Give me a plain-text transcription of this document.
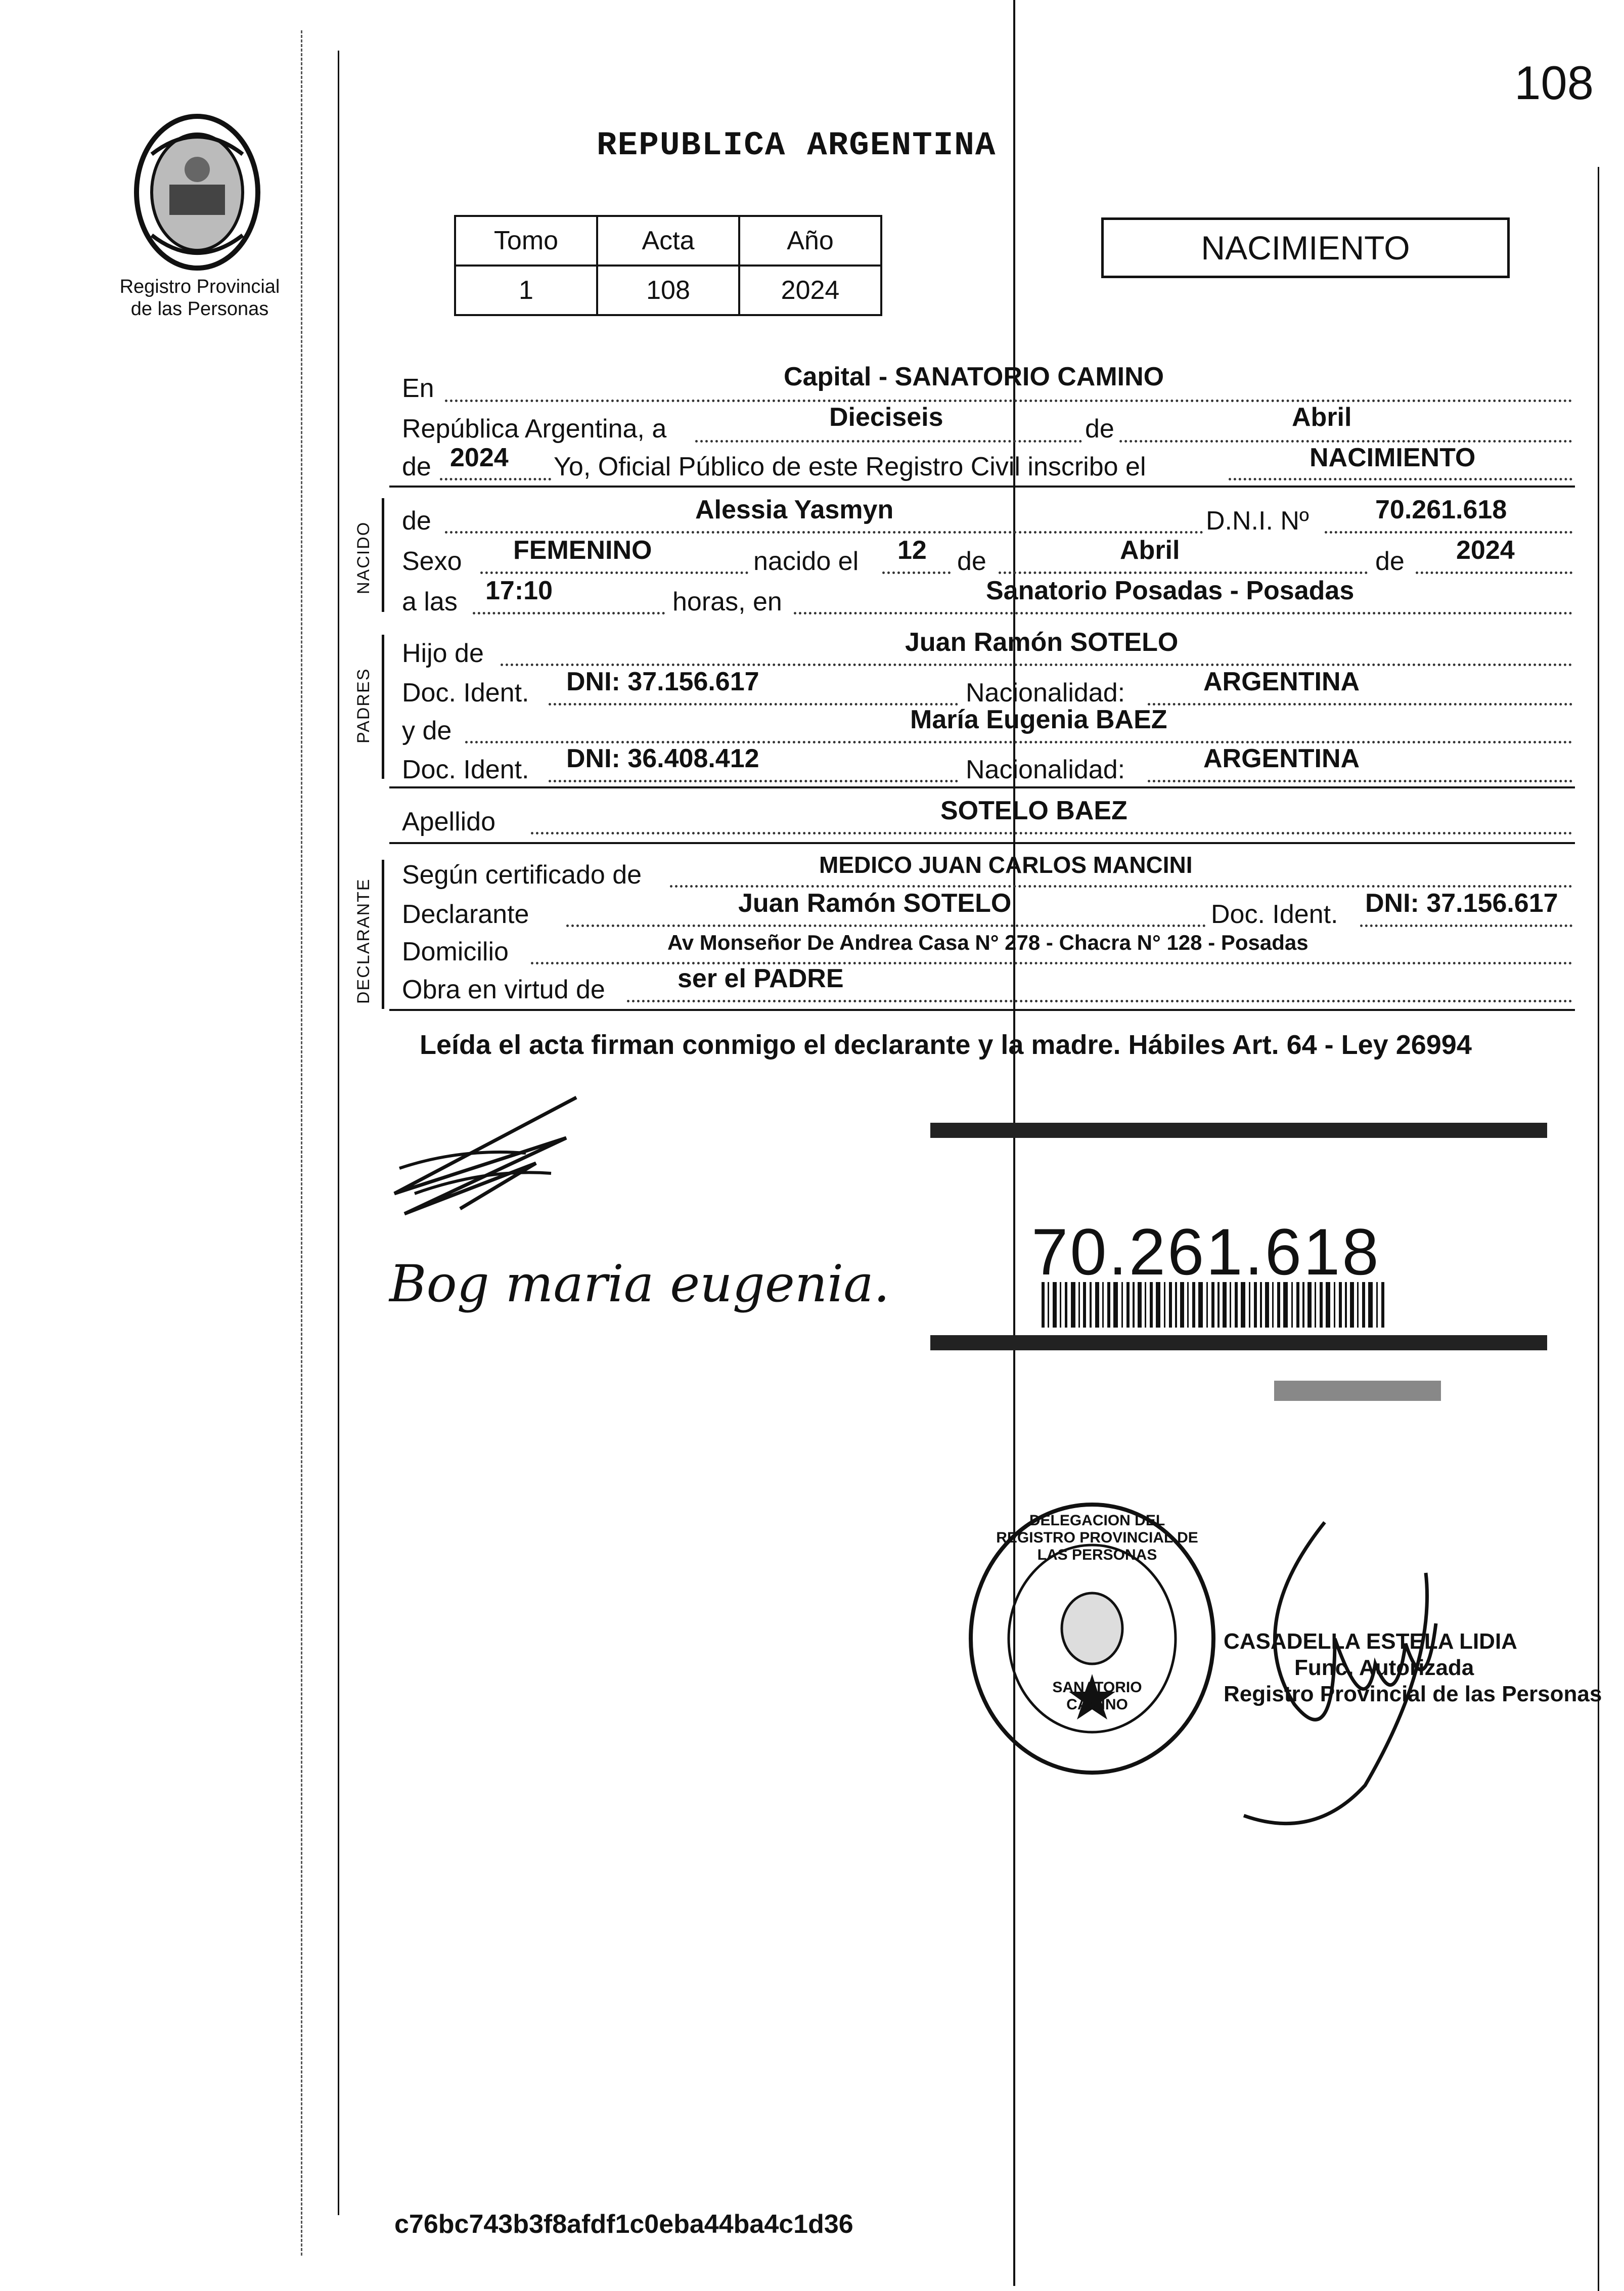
108
Registro Provincial
de las Personas
REPUBLICA ARGENTINA
Tomo	Acta	Año
1	108	2024
NACIMIENTO
En	Capital - SANATORIO CAMINO
República Argentina, a	Dieciseis	de	Abril
de 2024 Yo, Oficial Público de este Registro Civil inscribo el	NACIMIENTO
NACIDO
de	Alessia Yasmyn	D.N.I. Nº	70.261.618
Sexo FEMENINO	nacido el 12 de	Abril	de 2024
a las 17:10	horas, en	Sanatorio Posadas - Posadas
PADRES
Hijo de	Juan Ramón SOTELO
Doc. Ident. DNI: 37.156.617	Nacionalidad:	ARGENTINA
y de	María Eugenia BAEZ
Doc. Ident. DNI: 36.408.412	Nacionalidad:	ARGENTINA
Apellido	SOTELO BAEZ
DECLARANTE
Según certificado de	MEDICO JUAN CARLOS MANCINI
Declarante	Juan Ramón SOTELO	Doc. Ident. DNI: 37.156.617
Domicilio	Av Monseñor De Andrea Casa N° 278 - Chacra N° 128 - Posadas
Obra en virtud de	ser el PADRE
Leída el acta firman conmigo el declarante y la madre. Hábiles Art. 64 - Ley 26994
Bog maria eugenia. 70.261.618
DELEGACION DEL REGISTRO PROVINCIAL DE LAS PERSONAS
SANATORIO CAMINO
CASADELLA ESTELA LIDIA
Func. Autorizada
Registro Provincial de las Personas
c76bc743b3f8afdf1c0eba44ba4c1d36
